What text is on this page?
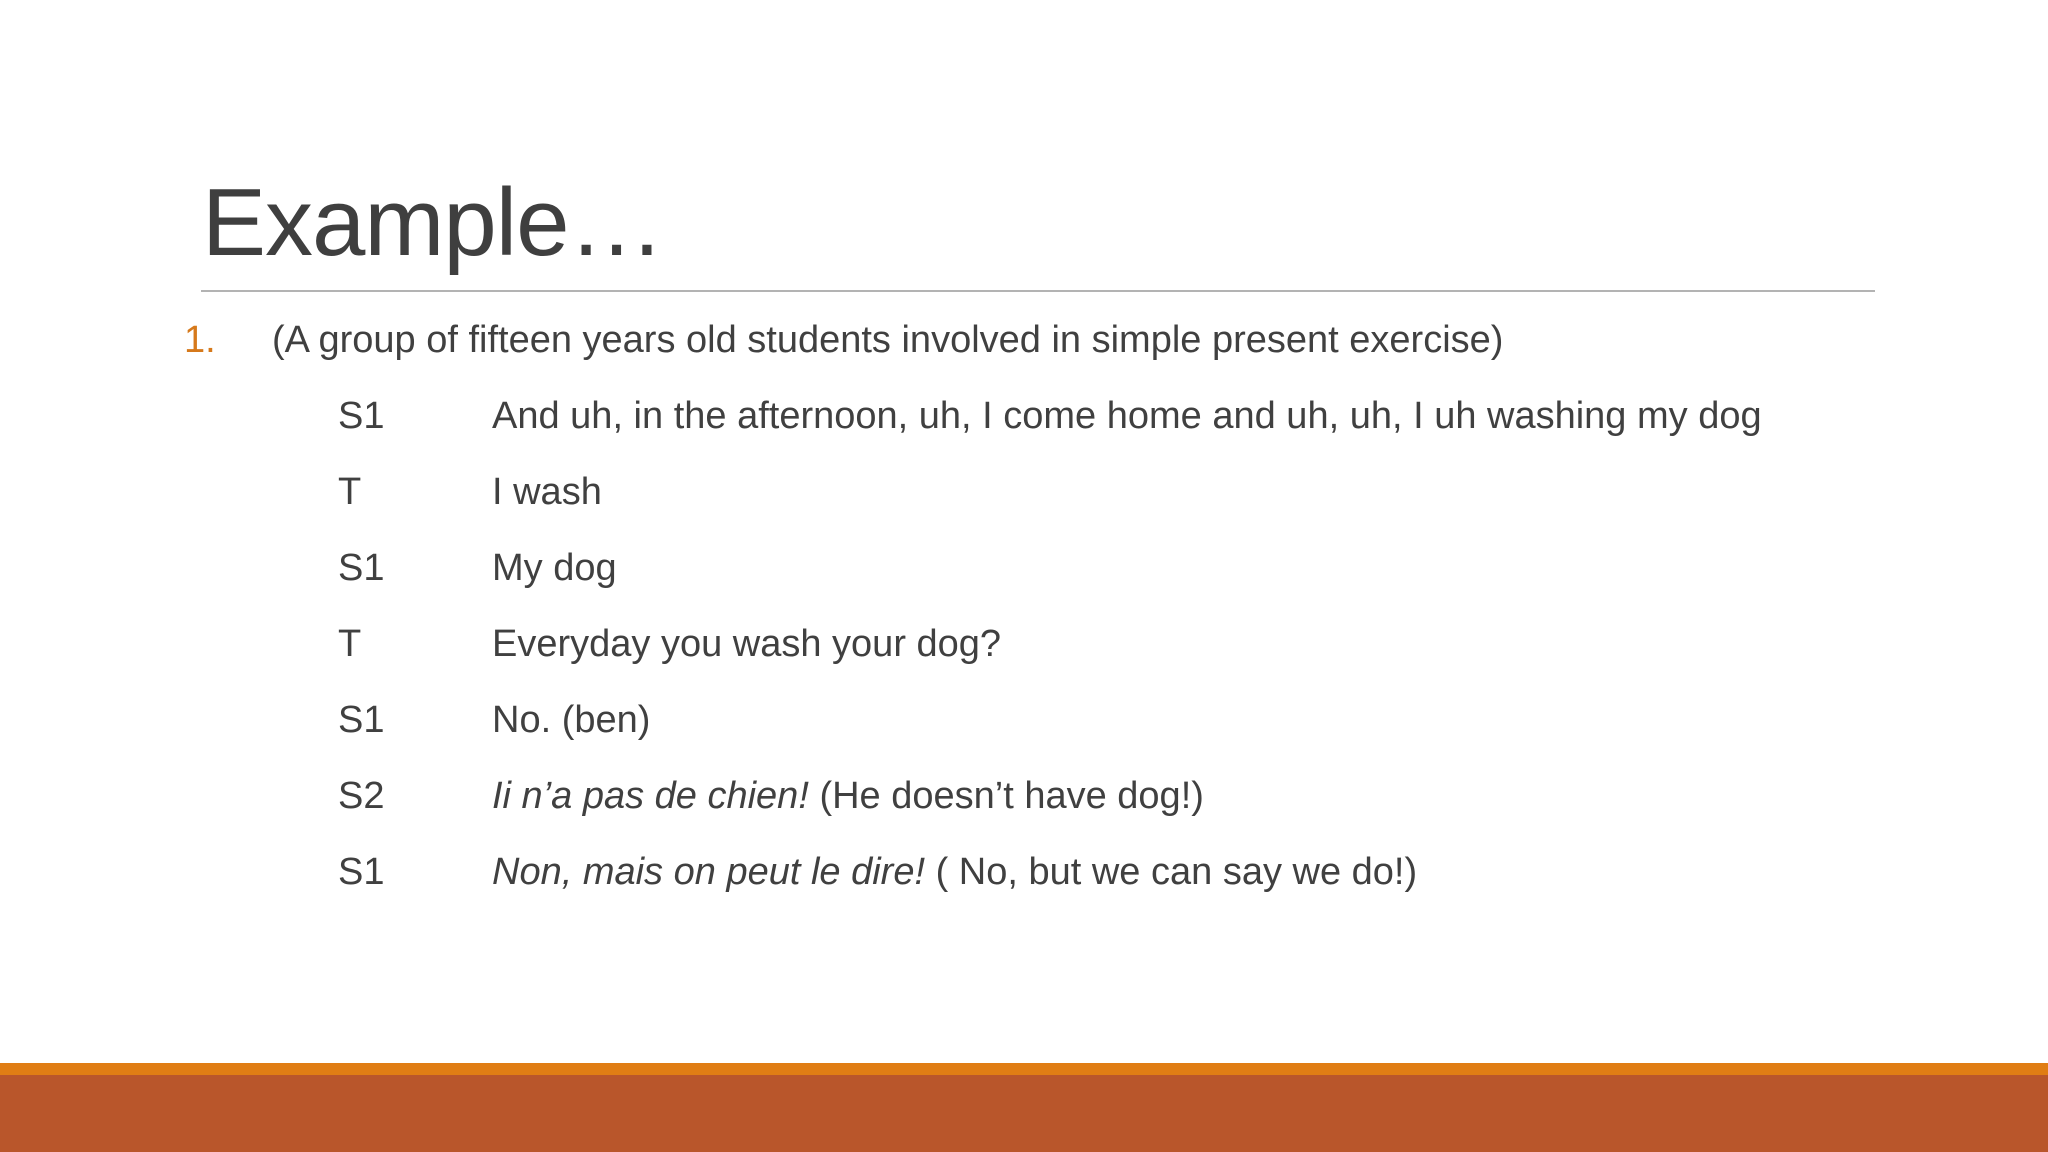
Example…
1. (A group of fifteen years old students involved in simple present exercise)
S1	And uh, in the afternoon, uh, I come home and uh, uh, I uh washing my dog
T	I wash
S1	My dog
T	Everyday you wash your dog?
S1	No. (ben)
S2	Ii n’a pas de chien! (He doesn’t have dog!)
S1	Non, mais on peut le dire! ( No, but we can say we do!)
